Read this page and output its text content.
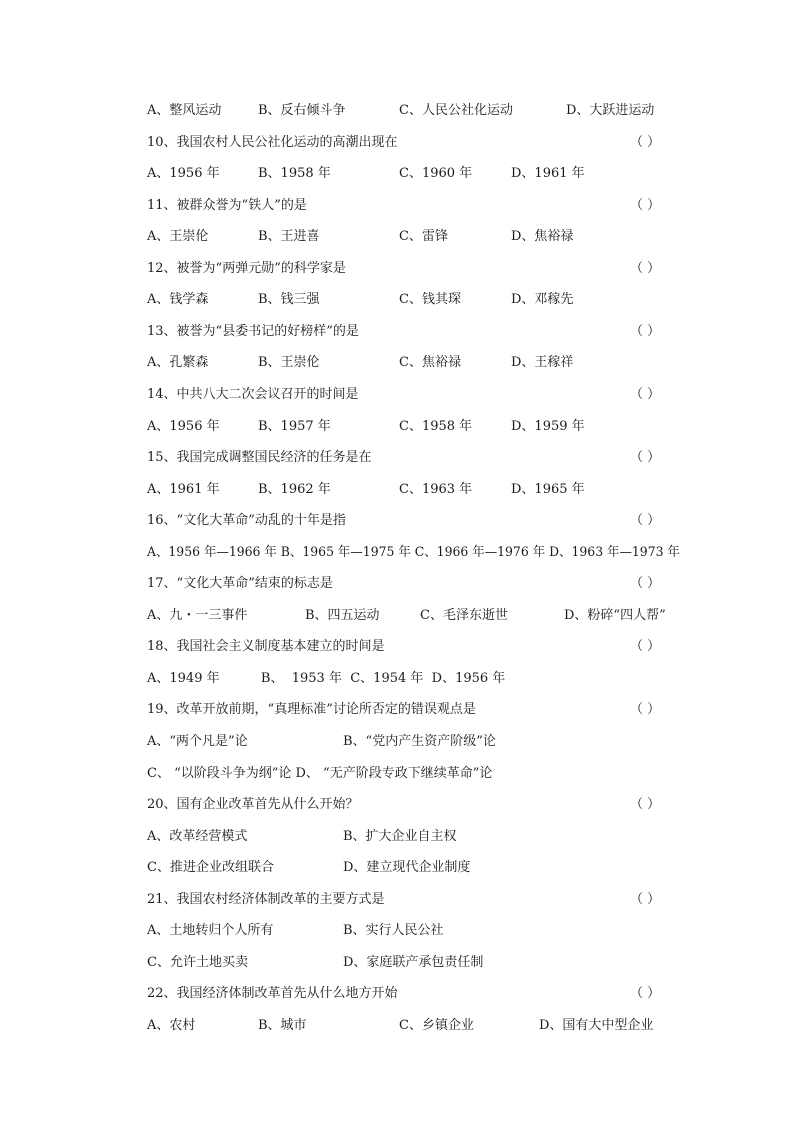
A、整风运动	B、反右倾斗争	C、人民公社化运动	D、大跃进运动
10、我国农村人民公社化运动的高潮出现在	（ ）
A、1956 年	B、1958 年	C、1960 年	D、1961 年
11、被群众誉为“铁人”的是	（ ）
A、王崇伦	B、王进喜	C、雷锋	D、焦裕禄
12、被誉为“两弹元勋”的科学家是	（ ）
A、钱学森	B、钱三强	C、钱其琛	D、邓稼先
13、被誉为“县委书记的好榜样”的是	（ ）
A、孔繁森	B、王崇伦	C、焦裕禄	D、王稼祥
14、中共八大二次会议召开的时间是	（ ）
A、1956 年	B、1957 年	C、1958 年	D、1959 年
15、我国完成调整国民经济的任务是在	（ ）
A、1961 年	B、1962 年	C、1963 年	D、1965 年
16、“文化大革命”动乱的十年是指	（ ）
A、1956 年—1966 年 B、1965 年—1975 年 C、1966 年—1976 年 D、1963 年—1973 年
17、“文化大革命”结束的标志是	（ ）
A、九・一三事件	B、四五运动	C、毛泽东逝世	D、粉碎“四人帮”
18、我国社会主义制度基本建立的时间是	（ ）
A、1949 年          B、  1953 年  C、1954 年  D、1956 年
19、改革开放前期，“真理标准”讨论所否定的错误观点是	（ ）
A、“两个凡是”论	B、“党内产生资产阶级”论
C、 “以阶段斗争为纲”论 D、 “无产阶段专政下继续革命”论
20、国有企业改革首先从什么开始？	（ ）
A、改革经营模式	B、扩大企业自主权
C、推进企业改组联合	D、建立现代企业制度
21、我国农村经济体制改革的主要方式是	（ ）
A、土地转归个人所有	B、实行人民公社
C、允许土地买卖	D、家庭联产承包责任制
22、我国经济体制改革首先从什么地方开始	（ ）
A、农村	B、城市	C、乡镇企业	D、国有大中型企业
